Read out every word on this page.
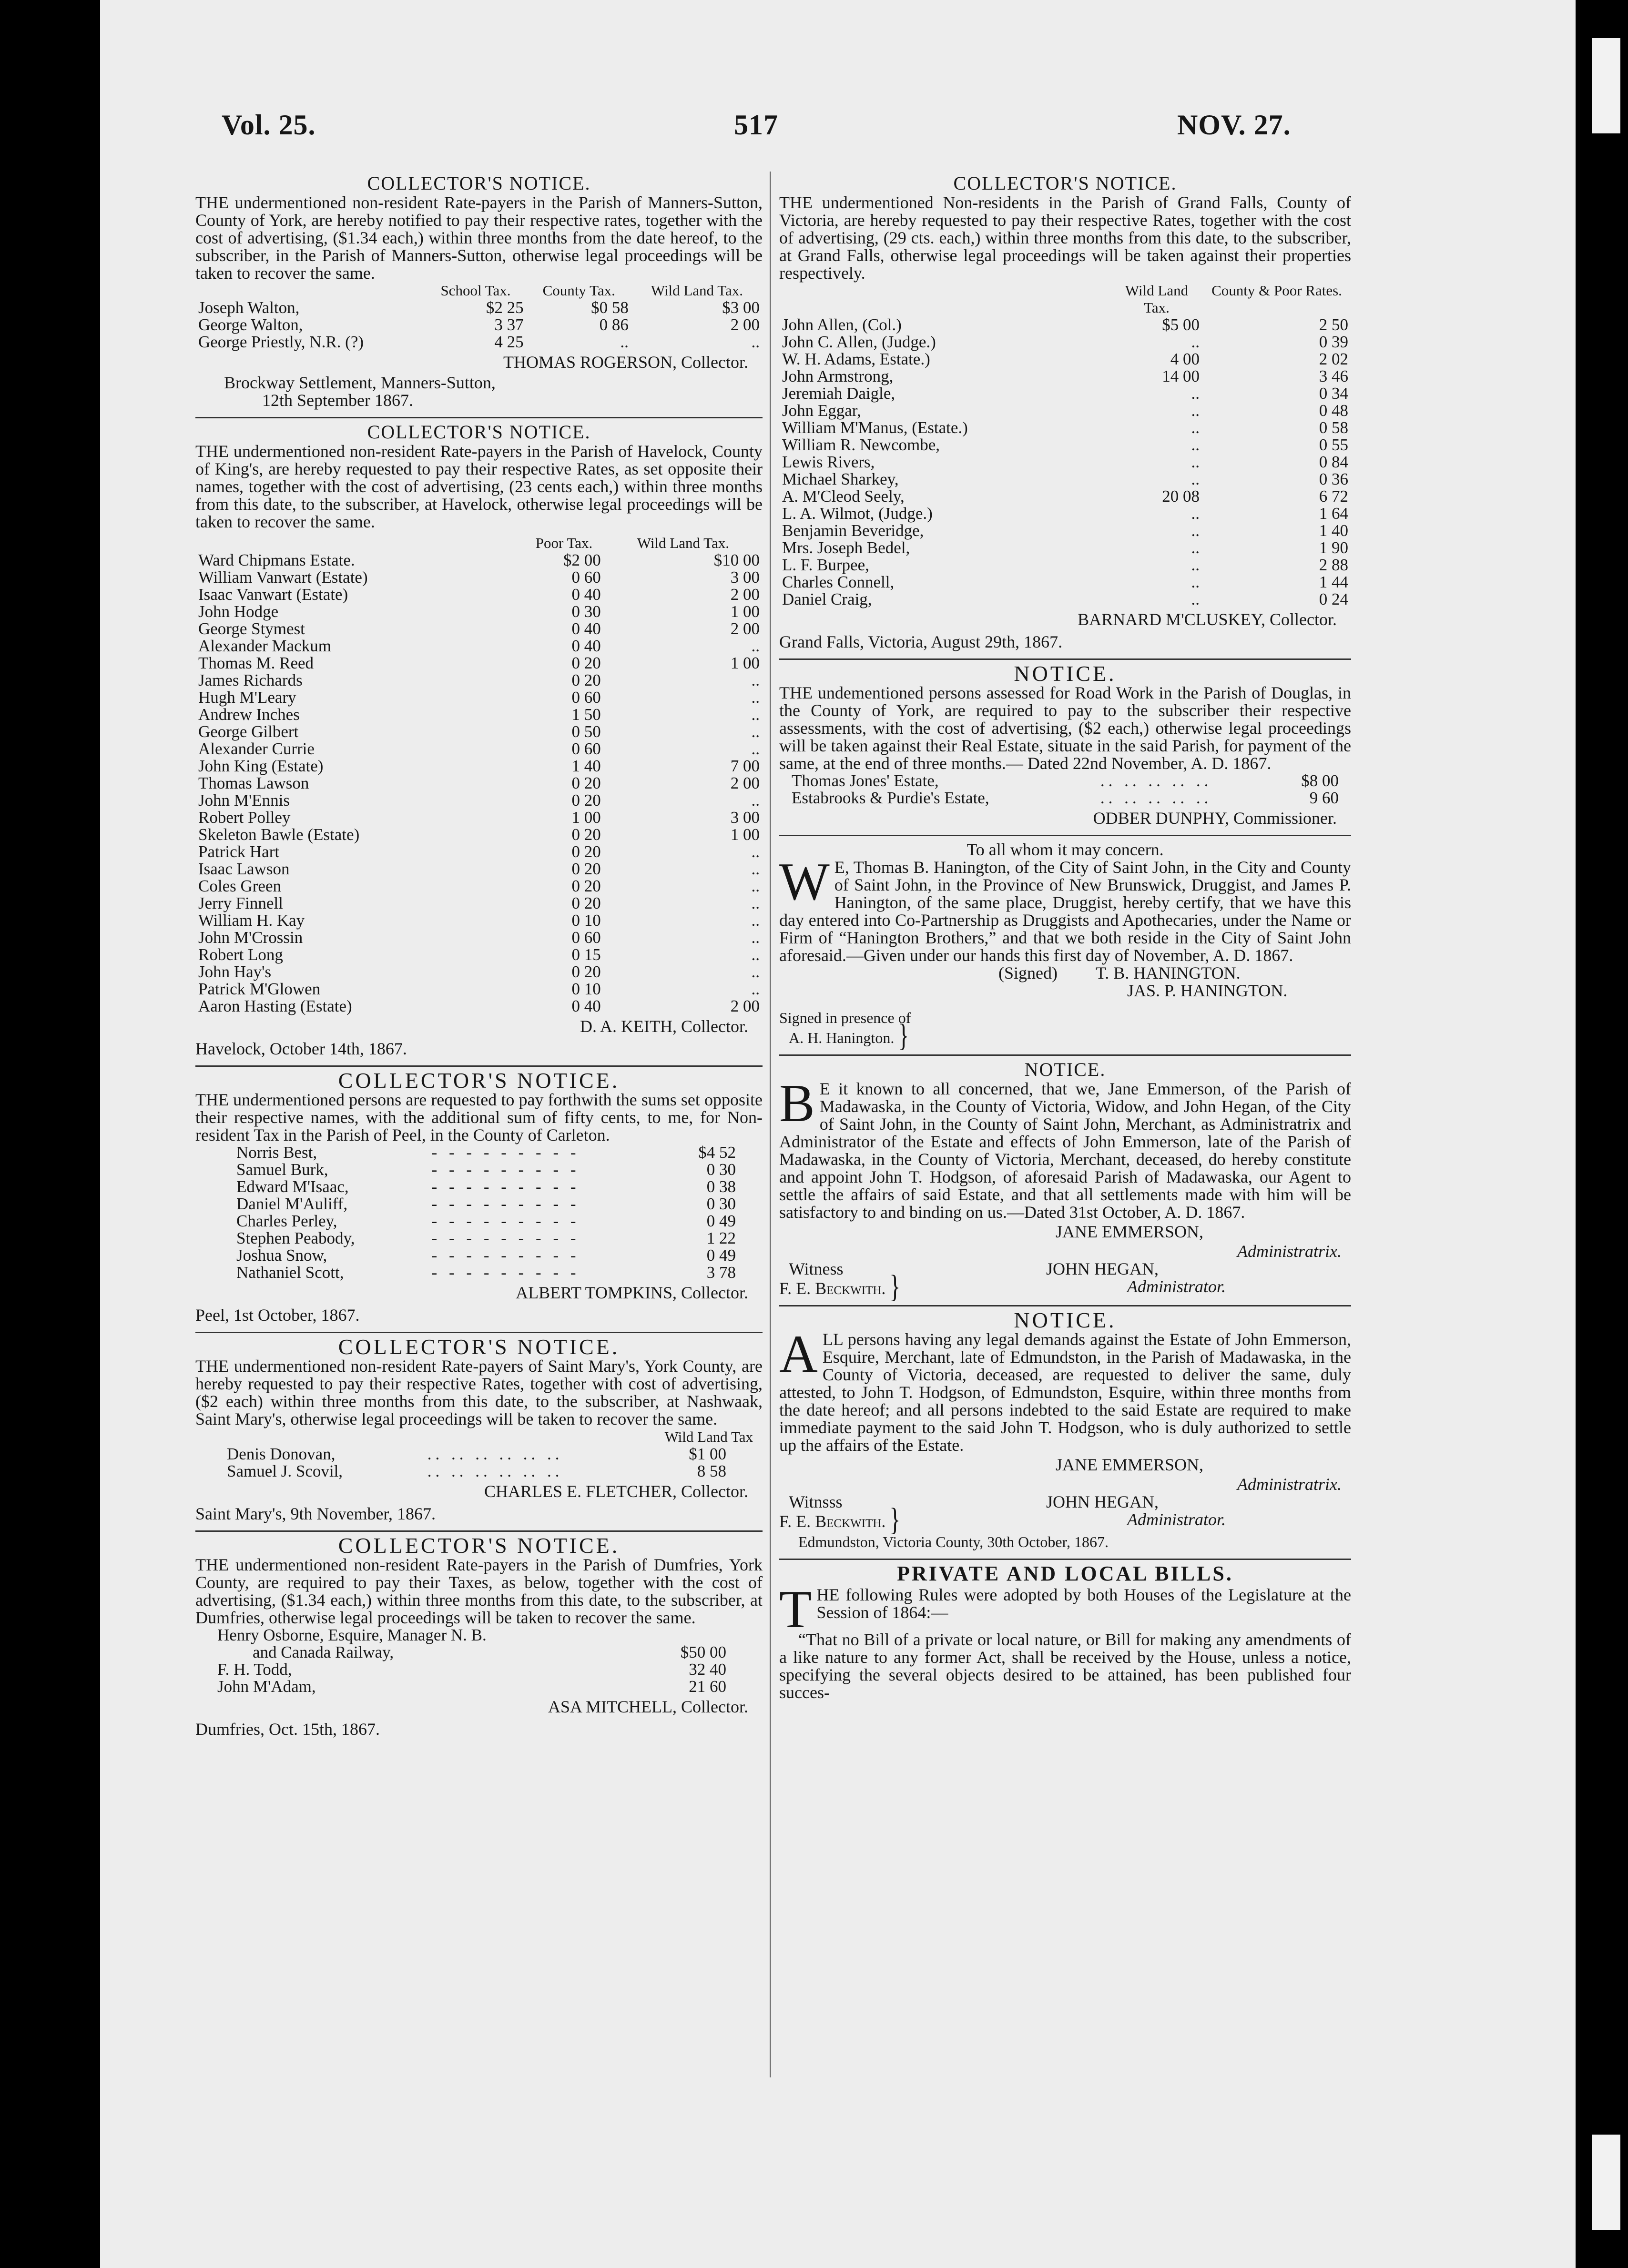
Vol. 25.	517	NOV. 27.
COLLECTOR'S NOTICE.

THE undermentioned non-resident Rate-payers in the Parish of Manners-Sutton, County of York, are hereby notified to pay their respective rates, together with the cost of advertising, ($1.34 each,) within three months from the date hereof, to the subscriber, in the Parish of Manners-Sutton, otherwise legal proceedings will be taken to recover the same.

	School Tax.	County Tax.	Wild Land Tax.
Joseph Walton,	$2 25	$0 58	$3 00
George Walton,	3 37	0 86	2 00
George Priestly, N.R. (?)	4 25	..	..
THOMAS ROGERSON, Collector.
Brockway Settlement, Manners-Sutton,
12th September 1867.
COLLECTOR'S NOTICE.

THE undermentioned non-resident Rate-payers in the Parish of Havelock, County of King's, are hereby requested to pay their respective Rates, as set opposite their names, together with the cost of advertising, (23 cents each,) within three months from this date, to the subscriber, at Havelock, otherwise legal proceedings will be taken to recover the same.

	Poor Tax.	Wild Land Tax.
Ward Chipmans Estate.	$2 00	$10 00
William Vanwart (Estate)	0 60	3 00
Isaac Vanwart (Estate)	0 40	2 00
John Hodge	0 30	1 00
George Stymest	0 40	2 00
Alexander Mackum	0 40	..
Thomas M. Reed	0 20	1 00
James Richards	0 20	..
Hugh M'Leary	0 60	..
Andrew Inches	1 50	..
George Gilbert	0 50	..
Alexander Currie	0 60	..
John King (Estate)	1 40	7 00
Thomas Lawson	0 20	2 00
John M'Ennis	0 20	..
Robert Polley	1 00	3 00
Skeleton Bawle (Estate)	0 20	1 00
Patrick Hart	0 20	..
Isaac Lawson	0 20	..
Coles Green	0 20	..
Jerry Finnell	0 20	..
William H. Kay	0 10	..
John M'Crossin	0 60	..
Robert Long	0 15	..
John Hay's	0 20	..
Patrick M'Glowen	0 10	..
Aaron Hasting (Estate)	0 40	2 00
D. A. KEITH, Collector.
Havelock, October 14th, 1867.
COLLECTOR'S NOTICE.

THE undermentioned persons are requested to pay forthwith the sums set opposite their respective names, with the additional sum of fifty cents, to me, for Non-resident Tax in the Parish of Peel, in the County of Carleton.

Norris Best,	- - - - - - - - -	$4 52
Samuel Burk,	- - - - - - - - -	0 30
Edward M'Isaac,	- - - - - - - - -	0 38
Daniel M'Auliff,	- - - - - - - - -	0 30
Charles Perley,	- - - - - - - - -	0 49
Stephen Peabody,	- - - - - - - - -	1 22
Joshua Snow,	- - - - - - - - -	0 49
Nathaniel Scott,	- - - - - - - - -	3 78
ALBERT TOMPKINS, Collector.
Peel, 1st October, 1867.
COLLECTOR'S NOTICE.

THE undermentioned non-resident Rate-payers of Saint Mary's, York County, are hereby requested to pay their respective Rates, together with cost of advertising, ($2 each) within three months from this date, to the subscriber, at Nashwaak, Saint Mary's, otherwise legal proceedings will be taken to recover the same.

Wild Land Tax
Denis Donovan,	.. .. .. .. .. ..	$1 00
Samuel J. Scovil,	.. .. .. .. .. ..	8 58
CHARLES E. FLETCHER, Collector.
Saint Mary's, 9th November, 1867.
COLLECTOR'S NOTICE.

THE undermentioned non-resident Rate-payers in the Parish of Dumfries, York County, are required to pay their Taxes, as below, together with the cost of advertising, ($1.34 each,) within three months from this date, to the subscriber, at Dumfries, otherwise legal proceedings will be taken to recover the same.

Henry Osborne, Esquire, Manager N. B.	
and Canada Railway,	$50 00
F. H. Todd,	32 40
John M'Adam,	21 60
ASA MITCHELL, Collector.
Dumfries, Oct. 15th, 1867.
COLLECTOR'S NOTICE.

THE undermentioned Non-residents in the Parish of Grand Falls, County of Victoria, are hereby requested to pay their respective Rates, together with the cost of advertising, (29 cts. each,) within three months from this date, to the subscriber, at Grand Falls, otherwise legal proceedings will be taken against their properties respectively.

	Wild Land Tax.	County & Poor Rates.
John Allen, (Col.)	$5 00	2 50
John C. Allen, (Judge.)	..	0 39
W. H. Adams, Estate.)	4 00	2 02
John Armstrong,	14 00	3 46
Jeremiah Daigle,	..	0 34
John Eggar,	..	0 48
William M'Manus, (Estate.)	..	0 58
William R. Newcombe,	..	0 55
Lewis Rivers,	..	0 84
Michael Sharkey,	..	0 36
A. M'Cleod Seely,	20 08	6 72
L. A. Wilmot, (Judge.)	..	1 64
Benjamin Beveridge,	..	1 40
Mrs. Joseph Bedel,	..	1 90
L. F. Burpee,	..	2 88
Charles Connell,	..	1 44
Daniel Craig,	..	0 24
BARNARD M'CLUSKEY, Collector.
Grand Falls, Victoria, August 29th, 1867.
NOTICE.

THE undementioned persons assessed for Road Work in the Parish of Douglas, in the County of York, are required to pay to the subscriber their respective assessments, with the cost of advertising, ($2 each,) otherwise legal proceedings will be taken against their Real Estate, situate in the said Parish, for payment of the same, at the end of three months.— Dated 22nd November, A. D. 1867.

Thomas Jones' Estate,	.. .. .. .. ..	$8 00
Estabrooks & Purdie's Estate,	.. .. .. .. ..	9 60
ODBER DUNPHY, Commissioner.
To all whom it may concern.

W E, Thomas B. Hanington, of the City of Saint John, in the City and County of Saint John, in the Province of New Brunswick, Druggist, and James P. Hanington, of the same place, Druggist, hereby certify, that we have this day entered into Co-Partnership as Druggists and Apothecaries, under the Name or Firm of “Hanington Brothers,” and that we both reside in the City of Saint John aforesaid.—Given under our hands this first day of November, A. D. 1867.

(Signed) T. B. HANINGTON.
JAS. P. HANINGTON.
Signed in presence of
A. H. Hanington. }
NOTICE.

B E it known to all concerned, that we, Jane Emmerson, of the Parish of Madawaska, in the County of Victoria, Widow, and John Hegan, of the City of Saint John, in the County of Saint John, Merchant, as Administratrix and Administrator of the Estate and effects of John Emmerson, late of the Parish of Madawaska, in the County of Victoria, Merchant, deceased, do hereby constitute and appoint John T. Hodgson, of aforesaid Parish of Madawaska, our Agent to settle the affairs of said Estate, and that all settlements made with him will be satisfactory to and binding on us.—Dated 31st October, A. D. 1867.

JANE EMMERSON,
Administratrix.
Witness
F. E. Beckwith. }
JOHN HEGAN,
Administrator.
NOTICE.

ALL persons having any legal demands against the Estate of John Emmerson, Esquire, Merchant, late of Edmundston, in the Parish of Madawaska, in the County of Victoria, deceased, are requested to deliver the same, duly attested, to John T. Hodgson, of Edmundston, Esquire, within three months from the date hereof; and all persons indebted to the said Estate are required to make immediate payment to the said John T. Hodgson, who is duly authorized to settle up the affairs of the Estate.

JANE EMMERSON,
Administratrix.
Witnsss
F. E. Beckwith. }
JOHN HEGAN,
Administrator.
Edmundston, Victoria County, 30th October, 1867.
PRIVATE AND LOCAL BILLS.

THE following Rules were adopted by both Houses of the Legislature at the Session of 1864:—

“That no Bill of a private or local nature, or Bill for making any amendments of a like nature to any former Act, shall be received by the House, unless a notice, specifying the several objects desired to be attained, has been published four succes-
